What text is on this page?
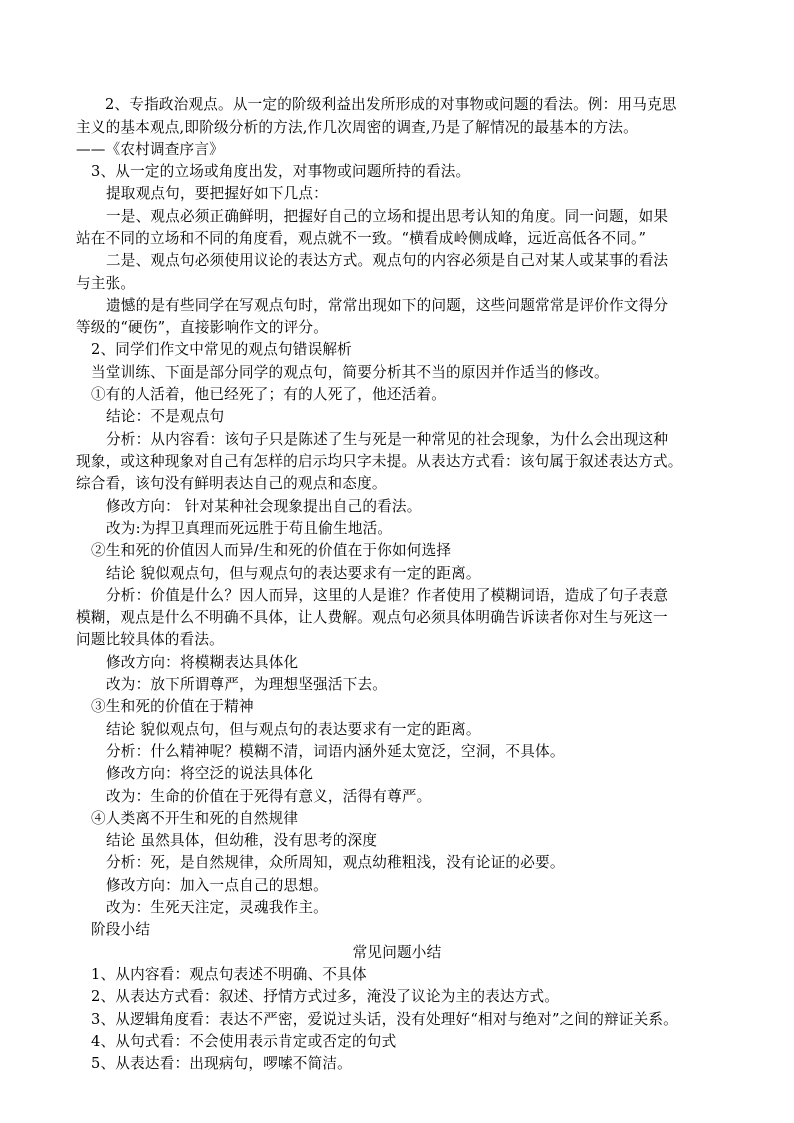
2、专指政治观点。从一定的阶级利益出发所形成的对事物或问题的看法。例：用马克思
主义的基本观点,即阶级分析的方法,作几次周密的调查,乃是了解情况的最基本的方法。
——《农村调查序言》
3、从一定的立场或角度出发，对事物或问题所持的看法。
提取观点句，要把握好如下几点：
一是、观点必须正确鲜明，把握好自己的立场和提出思考认知的角度。同一问题，如果
站在不同的立场和不同的角度看，观点就不一致。“横看成岭侧成峰，远近高低各不同。”
二是、观点句必须使用议论的表达方式。观点句的内容必须是自己对某人或某事的看法
与主张。
遗憾的是有些同学在写观点句时，常常出现如下的问题，这些问题常常是评价作文得分
等级的“硬伤”，直接影响作文的评分。
2、同学们作文中常见的观点句错误解析
当堂训练、下面是部分同学的观点句，简要分析其不当的原因并作适当的修改。
①有的人活着，他已经死了；有的人死了，他还活着。
结论：不是观点句
分析：从内容看：该句子只是陈述了生与死是一种常见的社会现象，为什么会出现这种
现象，或这种现象对自己有怎样的启示均只字未提。从表达方式看：该句属于叙述表达方式。
综合看，该句没有鲜明表达自己的观点和态度。
修改方向： 针对某种社会现象提出自己的看法。
改为:为捍卫真理而死远胜于苟且偷生地活。
②生和死的价值因人而异/生和死的价值在于你如何选择
结论 貌似观点句，但与观点句的表达要求有一定的距离。
分析：价值是什么？因人而异，这里的人是谁？作者使用了模糊词语，造成了句子表意
模糊，观点是什么不明确不具体，让人费解。观点句必须具体明确告诉读者你对生与死这一
问题比较具体的看法。
修改方向：将模糊表达具体化
改为：放下所谓尊严，为理想坚强活下去。
③生和死的价值在于精神
结论 貌似观点句，但与观点句的表达要求有一定的距离。
分析：什么精神呢？模糊不清，词语内涵外延太宽泛，空洞，不具体。
修改方向：将空泛的说法具体化
改为：生命的价值在于死得有意义，活得有尊严。
④人类离不开生和死的自然规律
结论 虽然具体，但幼稚，没有思考的深度
分析：死，是自然规律，众所周知，观点幼稚粗浅，没有论证的必要。
修改方向：加入一点自己的思想。
改为：生死天注定，灵魂我作主。
阶段小结
常见问题小结
1、从内容看：观点句表述不明确、不具体
2、从表达方式看：叙述、抒情方式过多，淹没了议论为主的表达方式。
3、从逻辑角度看：表达不严密，爱说过头话，没有处理好“相对与绝对”之间的辩证关系。
4、从句式看：不会使用表示肯定或否定的句式
5、从表达看：出现病句，啰嗦不简洁。
